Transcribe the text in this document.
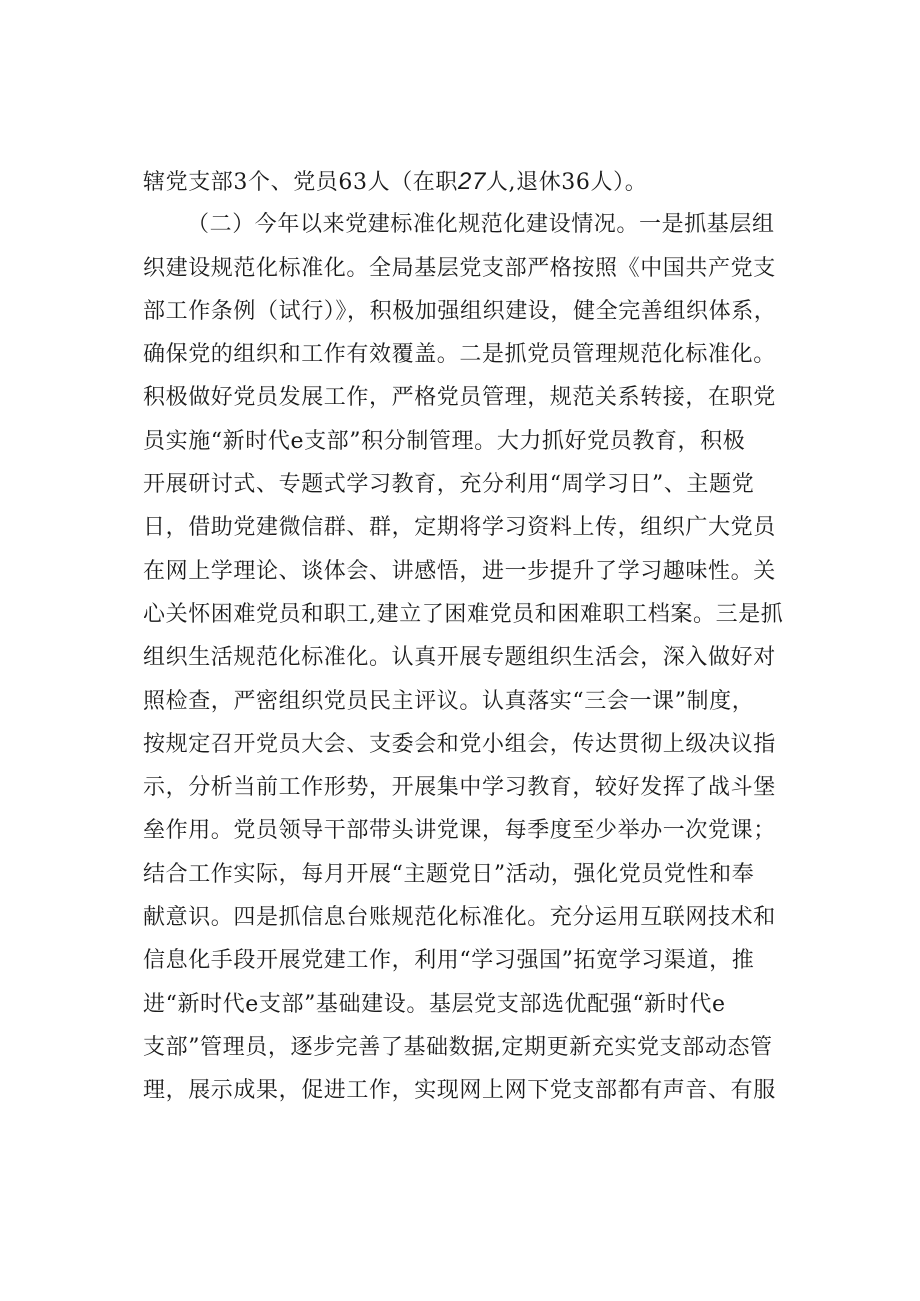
辖党支部3个、党员63人（在职27人,退休36人）。
（二）今年以来党建标准化规范化建设情况。一是抓基层组
织建设规范化标准化。全局基层党支部严格按照《中国共产党支
部工作条例（试行）》，积极加强组织建设，健全完善组织体系，
确保党的组织和工作有效覆盖。二是抓党员管理规范化标准化。
积极做好党员发展工作，严格党员管理，规范关系转接，在职党
员实施“新时代e支部”积分制管理。大力抓好党员教育，积极
开展研讨式、专题式学习教育，充分利用“周学习日”、主题党
日，借助党建微信群、群，定期将学习资料上传，组织广大党员
在网上学理论、谈体会、讲感悟，进一步提升了学习趣味性。关
心关怀困难党员和职工,建立了困难党员和困难职工档案。三是抓
组织生活规范化标准化。认真开展专题组织生活会，深入做好对
照检查，严密组织党员民主评议。认真落实“三会一课”制度，
按规定召开党员大会、支委会和党小组会，传达贯彻上级决议指
示，分析当前工作形势，开展集中学习教育，较好发挥了战斗堡
垒作用。党员领导干部带头讲党课，每季度至少举办一次党课；
结合工作实际，每月开展“主题党日”活动，强化党员党性和奉
献意识。四是抓信息台账规范化标准化。充分运用互联网技术和
信息化手段开展党建工作，利用“学习强国”拓宽学习渠道，推
进“新时代e支部”基础建设。基层党支部选优配强“新时代e
支部”管理员，逐步完善了基础数据,定期更新充实党支部动态管
理，展示成果，促进工作，实现网上网下党支部都有声音、有服
